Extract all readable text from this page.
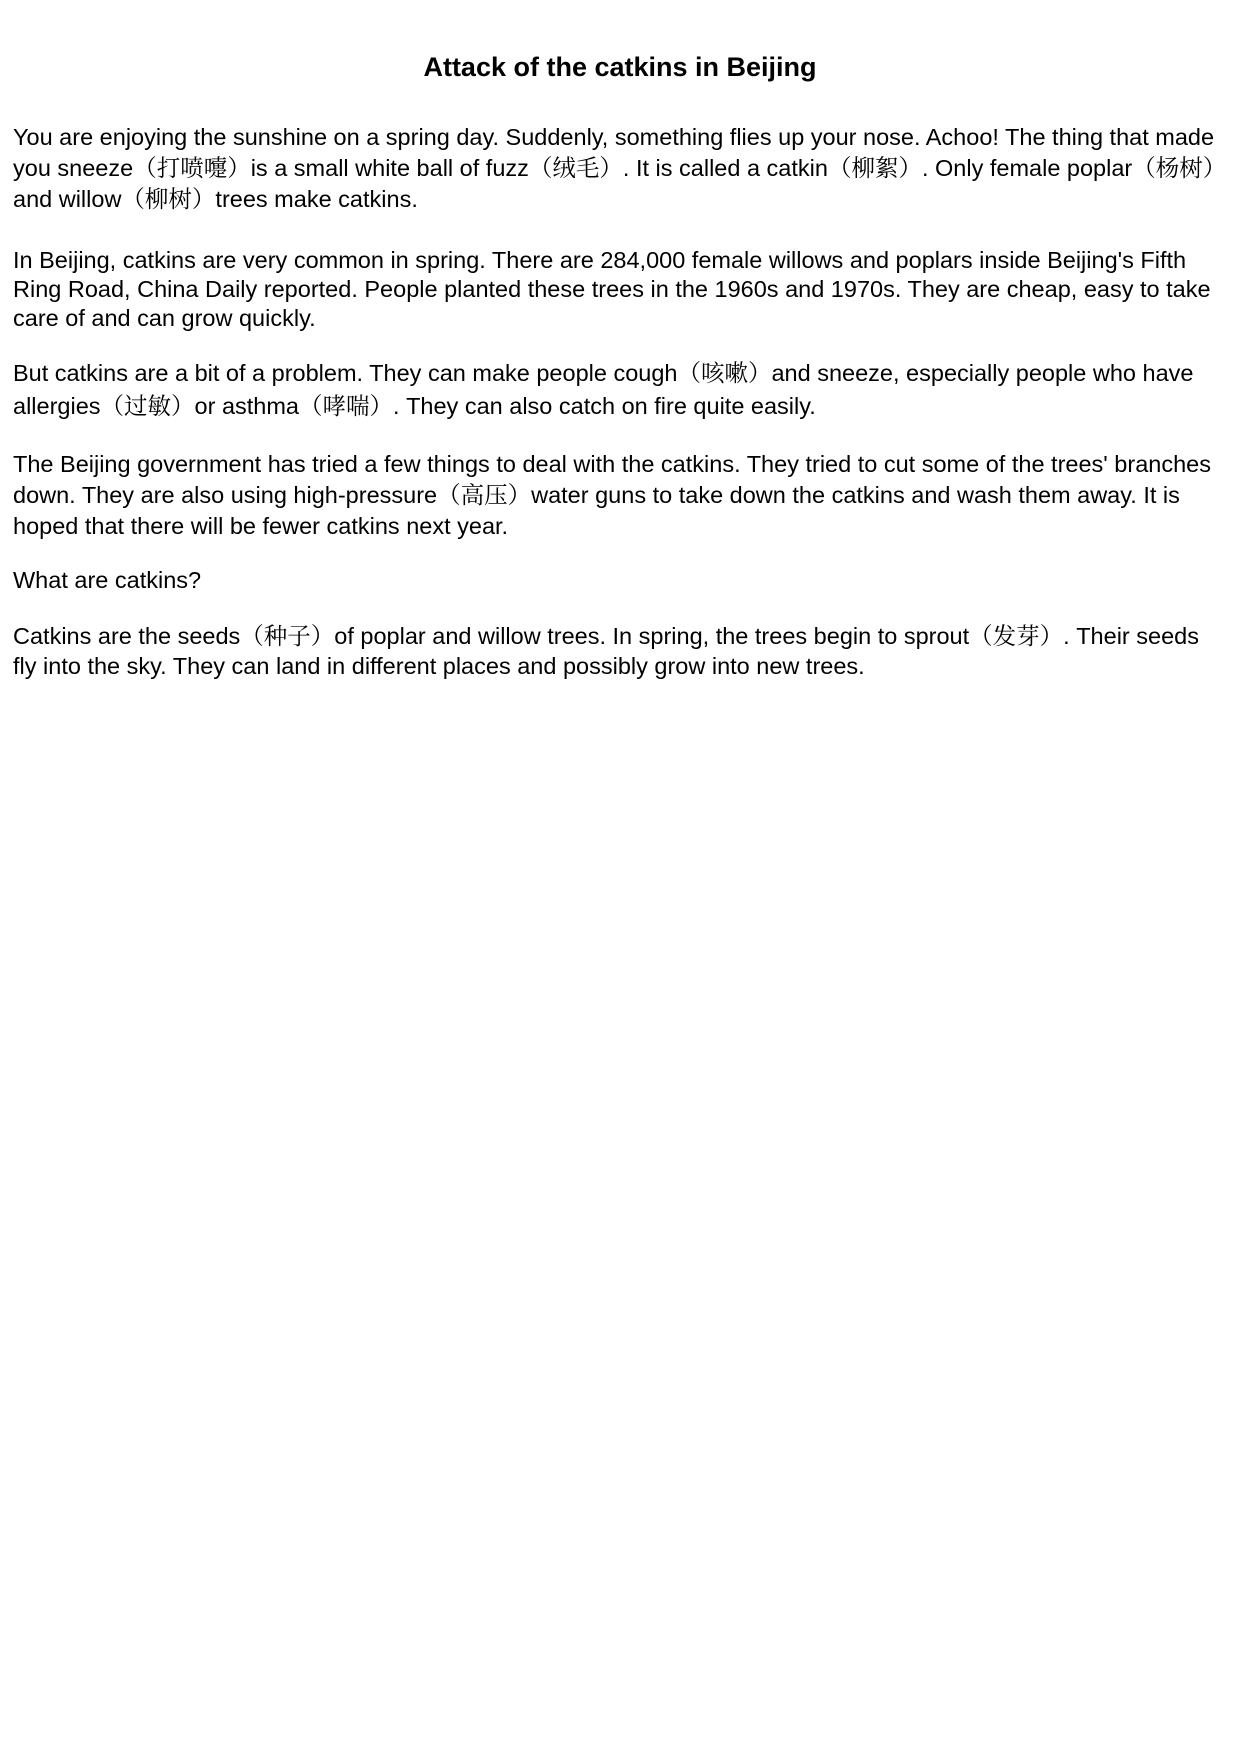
Attack of the catkins in Beijing

You are enjoying the sunshine on a spring day. Suddenly, something flies up your nose. Achoo! The thing that made you sneeze（打喷嚏）is a small white ball of fuzz（绒毛）. It is called a catkin（柳絮）. Only female poplar（杨树）and willow（柳树）trees make catkins.

In Beijing, catkins are very common in spring. There are 284,000 female willows and poplars inside Beijing's Fifth Ring Road, China Daily reported. People planted these trees in the 1960s and 1970s. They are cheap, easy to take care of and can grow quickly.

But catkins are a bit of a problem. They can make people cough（咳嗽）and sneeze, especially people who have allergies（过敏）or asthma（哮喘）. They can also catch on fire quite easily.

The Beijing government has tried a few things to deal with the catkins. They tried to cut some of the trees' branches down. They are also using high-pressure（高压）water guns to take down the catkins and wash them away. It is hoped that there will be fewer catkins next year.

What are catkins?

Catkins are the seeds（种子）of poplar and willow trees. In spring, the trees begin to sprout（发芽）. Their seeds fly into the sky. They can land in different places and possibly grow into new trees.
